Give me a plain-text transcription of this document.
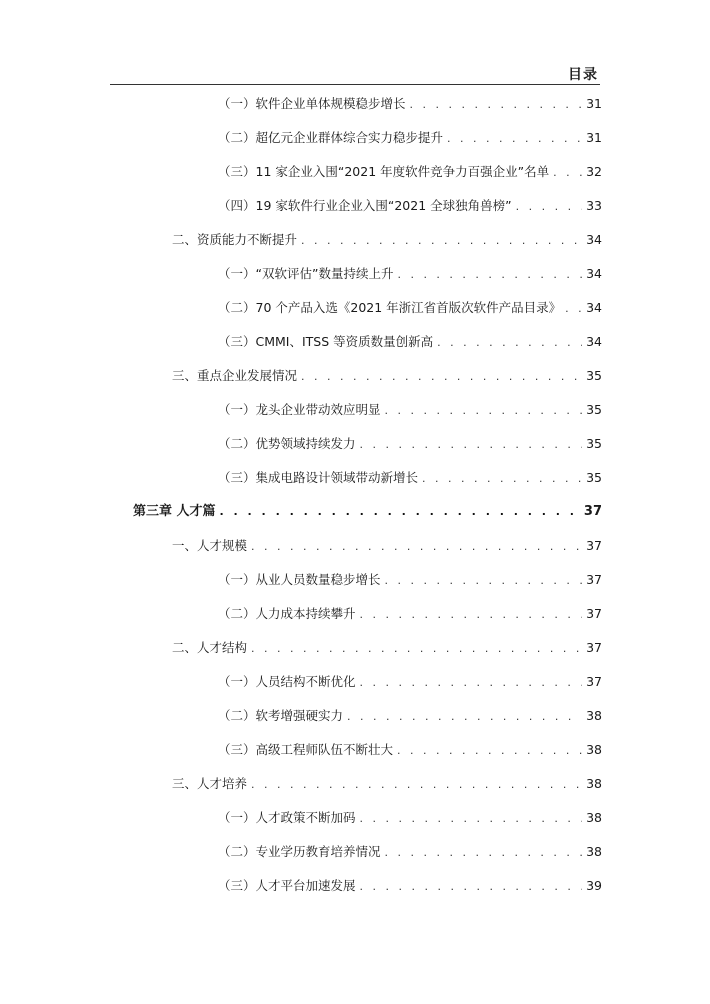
目录
（一）软件企业单体规模稳步增长 . . .	31
（二）超亿元企业群体综合实力稳步提升 . . .	31
（三）11 家企业入围“2021 年度软件竞争力百强企业”名单 . . .	32
（四）19 家软件行业企业入围“2021 全球独角兽榜” . . .	33
二、资质能力不断提升 . . .	34
（一）“双软评估”数量持续上升 . . .	34
（二）70 个产品入选《2021 年浙江省首版次软件产品目录》 . . . 34
（三）CMMI、ITSS 等资质数量创新高 . . .	34
三、重点企业发展情况 . . .	35
（一）龙头企业带动效应明显 . . .	35
（二）优势领域持续发力 . . .	35
（三）集成电路设计领域带动新增长 . . .	35
第三章 人才篇 . . .	37
一、人才规模 . . .	37
（一）从业人员数量稳步增长 . . .	37
（二）人力成本持续攀升 . . .	37
二、人才结构 . . .	37
（一）人员结构不断优化 . . .	37
（二）软考增强硬实力 . . .	38
（三）高级工程师队伍不断壮大 . . .	38
三、人才培养 . . .	38
（一）人才政策不断加码 . . .	38
（二）专业学历教育培养情况 . . .	38
（三）人才平台加速发展 . . .	39
